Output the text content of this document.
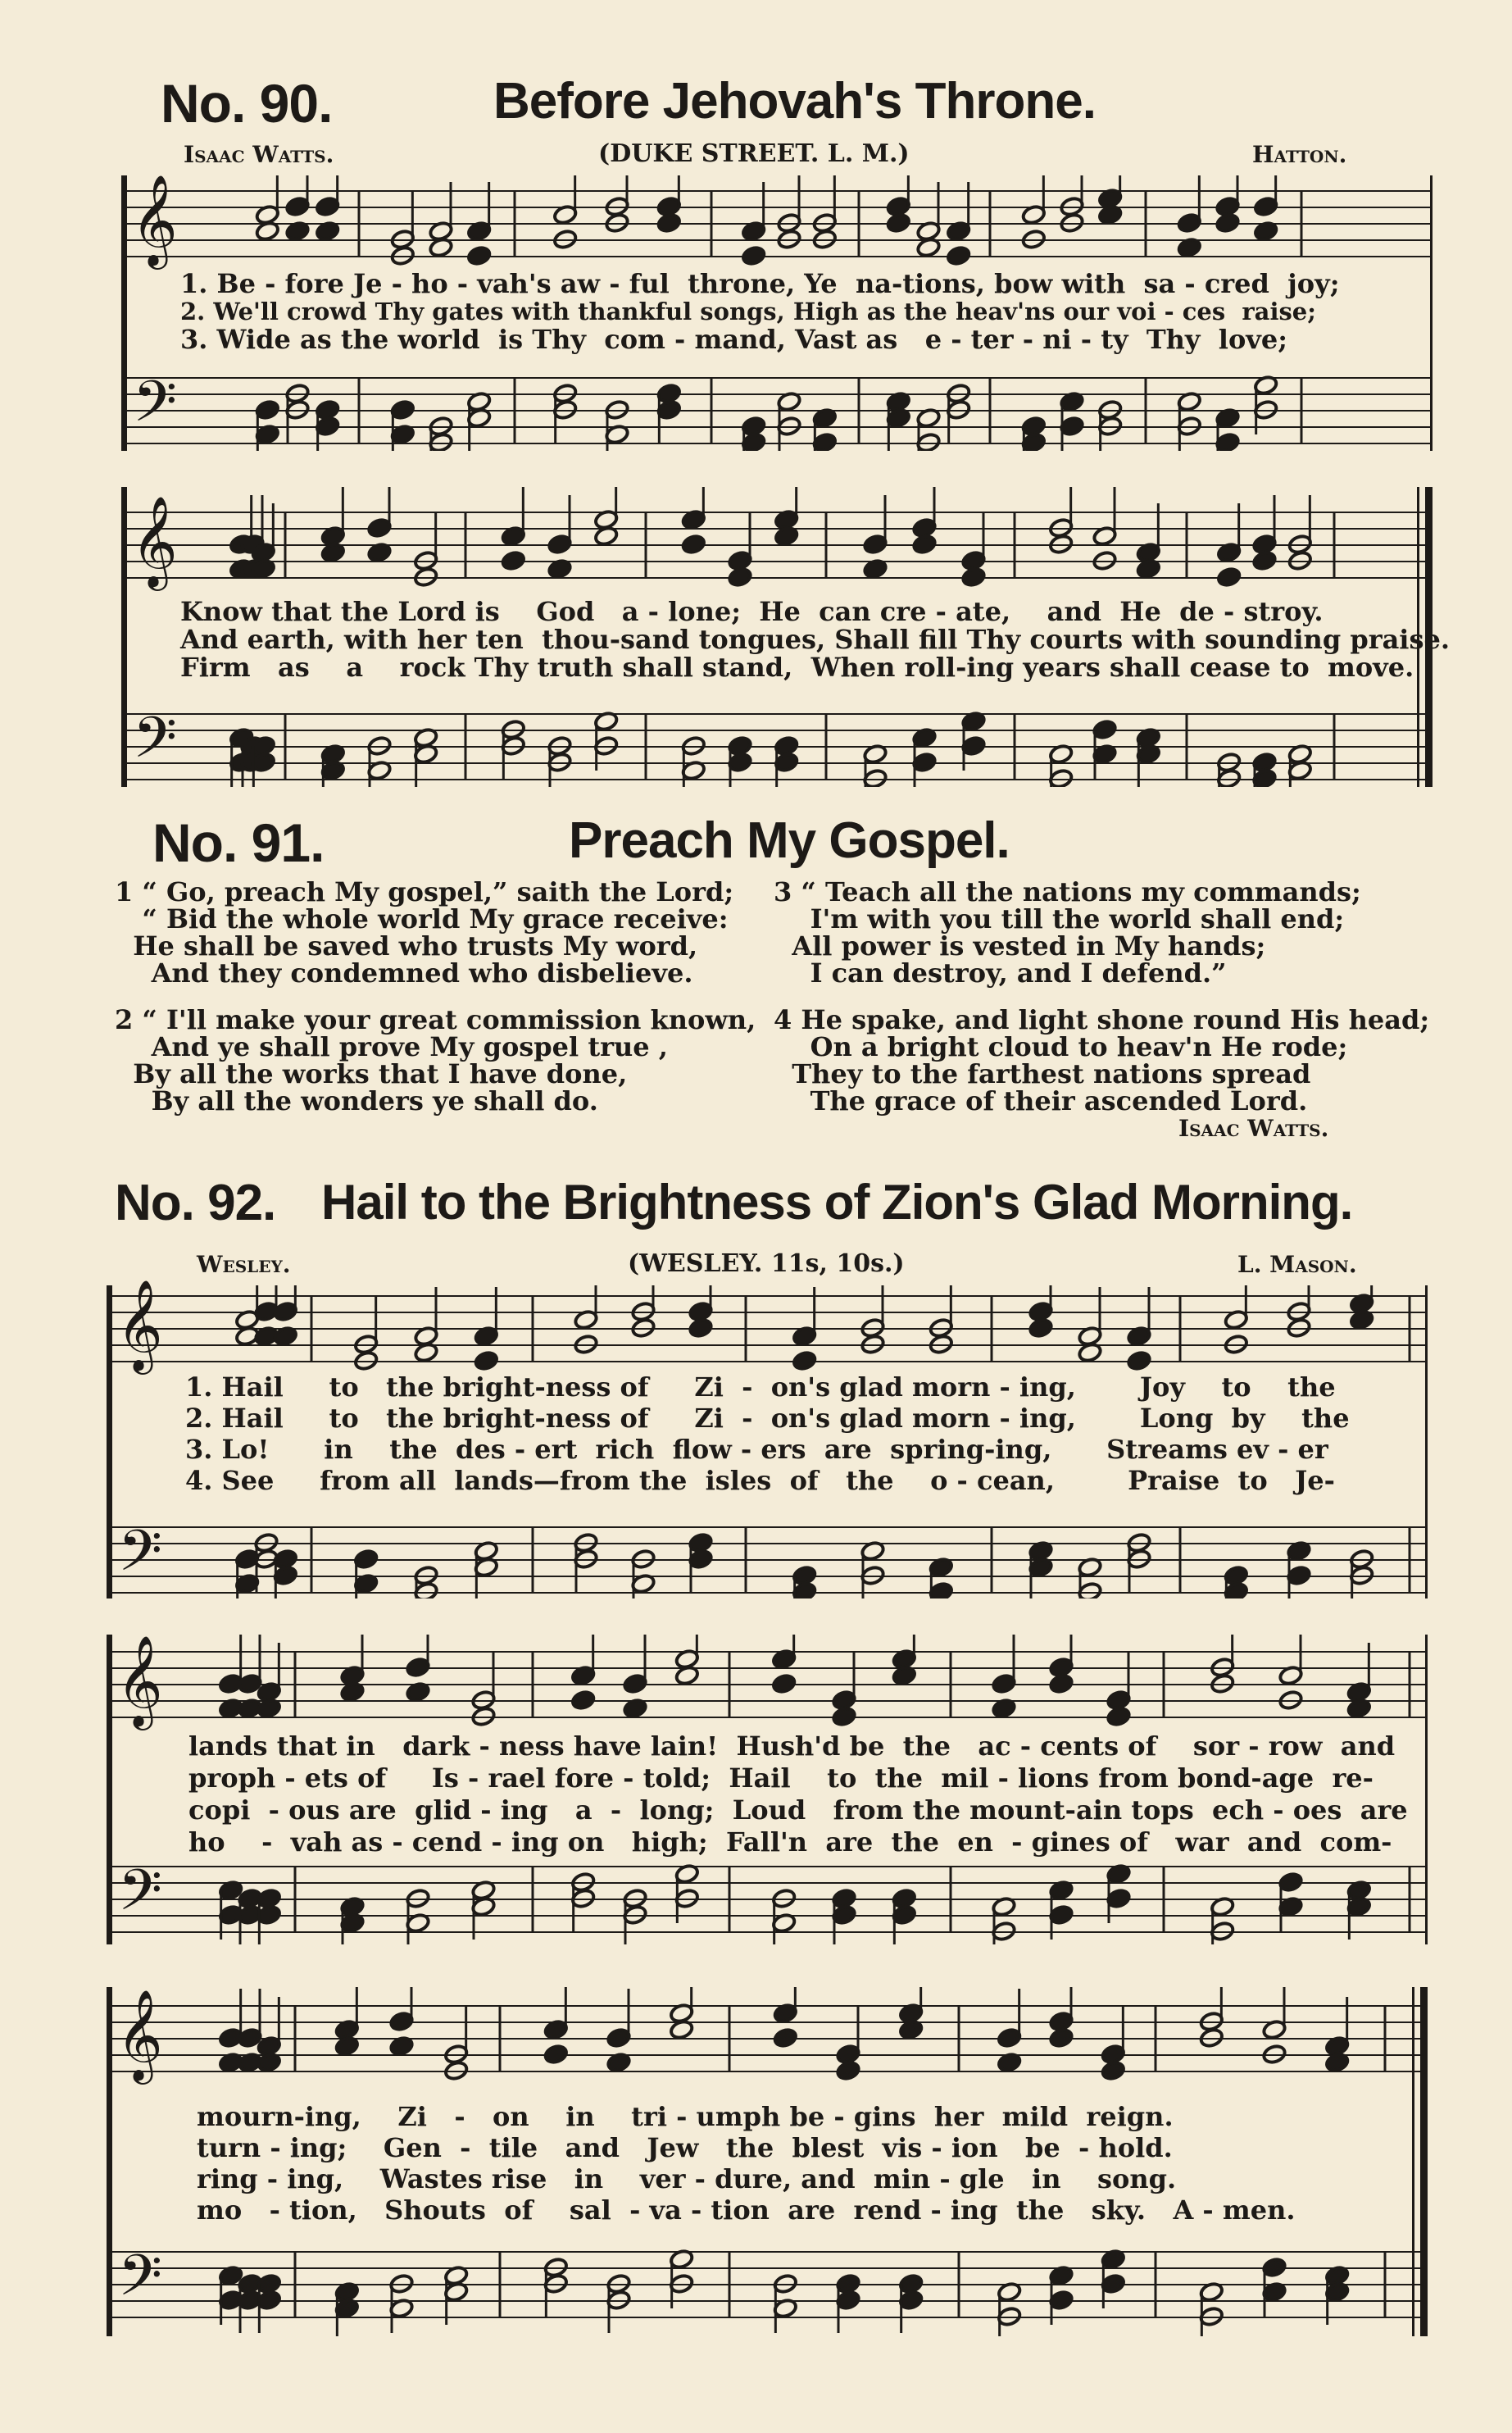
No. 90.	Before Jehovah's Throne.
Isaac Watts.	(DUKE STREET. L. M.)	Hatton.
𝄞
𝄢
1. Be - fore Je - ho - vah's aw - ful  throne, Ye  na-tions, bow with  sa - cred  joy;
2. We'll crowd Thy gates with thankful songs, High as the heav'ns our voi - ces  raise;
3. Wide as the world  is Thy  com - mand, Vast as   e - ter - ni - ty  Thy  love;
𝄞
𝄢
Know that the Lord is    God   a - lone;  He  can cre - ate,    and  He  de - stroy.
And earth, with her ten  thou-sand tongues, Shall fill Thy courts with sounding praise.
Firm   as    a    rock Thy truth shall stand,  When roll-ing years shall cease to  move.
No. 91.	Preach My Gospel.
1 “ Go, preach My gospel,” saith the Lord;
“ Bid the whole world My grace receive:
He shall be saved who trusts My word,
And they condemned who disbelieve.
2 “ I'll make your great commission known,
And ye shall prove My gospel true ,
By all the works that I have done,
By all the wonders ye shall do.
3 “ Teach all the nations my commands;
I'm with you till the world shall end;
All power is vested in My hands;
I can destroy, and I defend.”
4 He spake, and light shone round His head;
On a bright cloud to heav'n He rode;
They to the farthest nations spread
The grace of their ascended Lord.
Isaac Watts.
No. 92. Hail to the Brightness of Zion's Glad Morning.
Wesley.	(WESLEY. 11s, 10s.)	L. Mason.
𝄞
𝄢
1. Hail     to   the bright-ness of     Zi  -  on's glad morn - ing,       Joy    to    the
2. Hail     to   the bright-ness of     Zi  -  on's glad morn - ing,       Long  by    the
3. Lo!      in    the  des - ert  rich  flow - ers  are  spring-ing,      Streams ev - er
4. See     from all  lands—from the  isles  of   the    o - cean,        Praise  to   Je-
𝄞
𝄢
lands that in   dark - ness have lain!  Hush'd be  the   ac - cents of    sor - row  and
proph - ets of     Is - rael fore - told;  Hail    to  the  mil - lions from bond-age  re-
copi  - ous are  glid - ing   a  -  long;  Loud   from the mount-ain tops  ech - oes  are
ho    -  vah as - cend - ing on   high;  Fall'n  are  the  en  - gines of   war  and  com-
𝄞
𝄢
mourn-ing,    Zi   -   on    in    tri - umph be - gins  her  mild  reign.
turn - ing;    Gen  -  tile   and   Jew   the  blest  vis - ion   be  - hold.
ring - ing,    Wastes rise   in    ver - dure, and  min - gle   in    song.
mo   - tion,   Shouts  of    sal  - va - tion  are  rend - ing  the   sky.   A - men.
